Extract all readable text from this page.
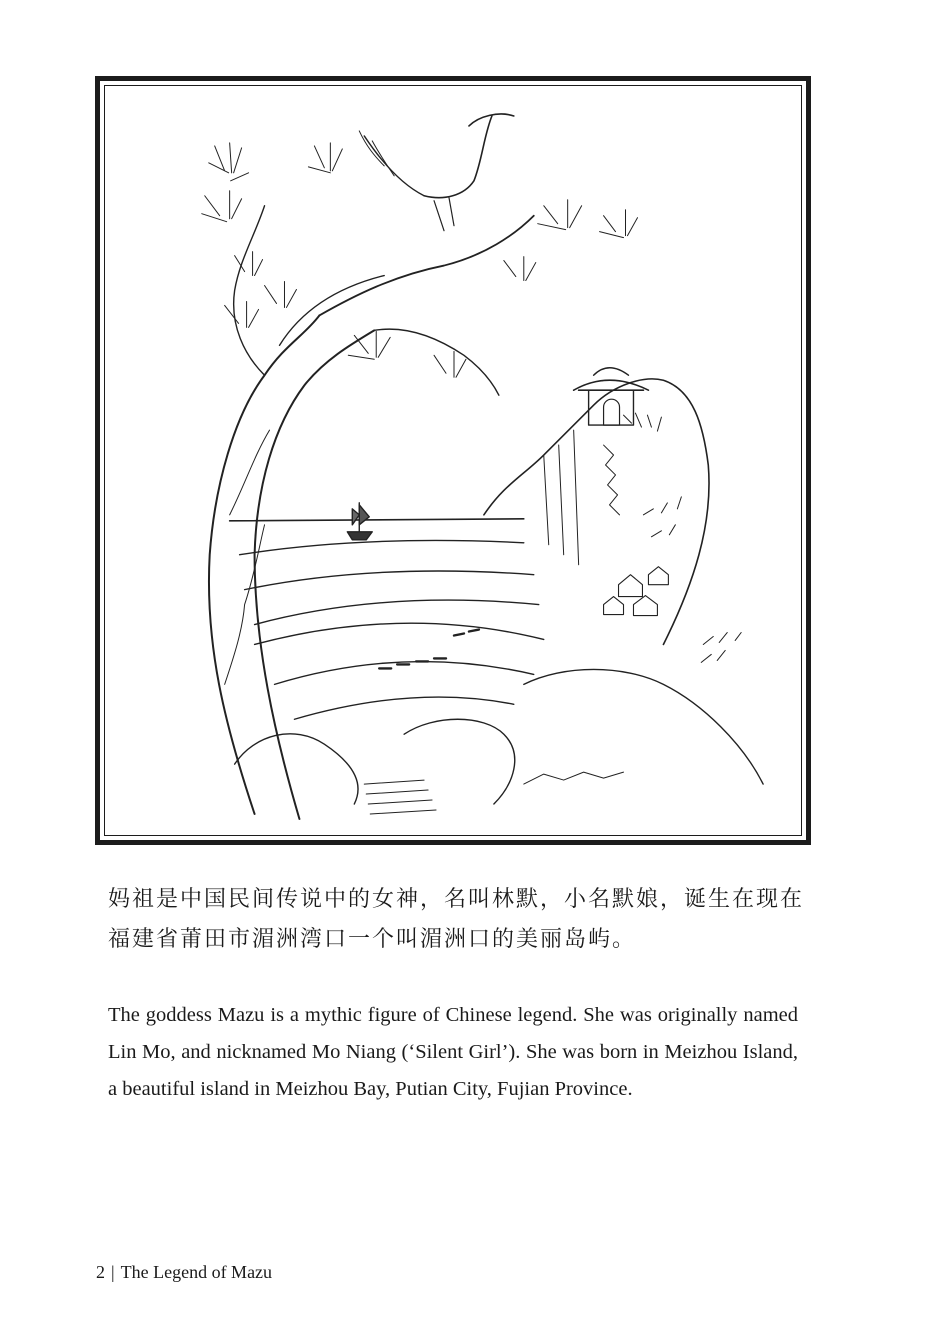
妈祖是中国民间传说中的女神，名叫林默，小名默娘，诞生在现在福建省莆田市湄洲湾口一个叫湄洲口的美丽岛屿。

The goddess Mazu is a mythic figure of Chinese legend. She was originally named Lin Mo, and nicknamed Mo Niang (‘Silent Girl’). She was born in Meizhou Island, a beautiful island in Meizhou Bay, Putian City, Fujian Province.

2 | The Legend of Mazu
